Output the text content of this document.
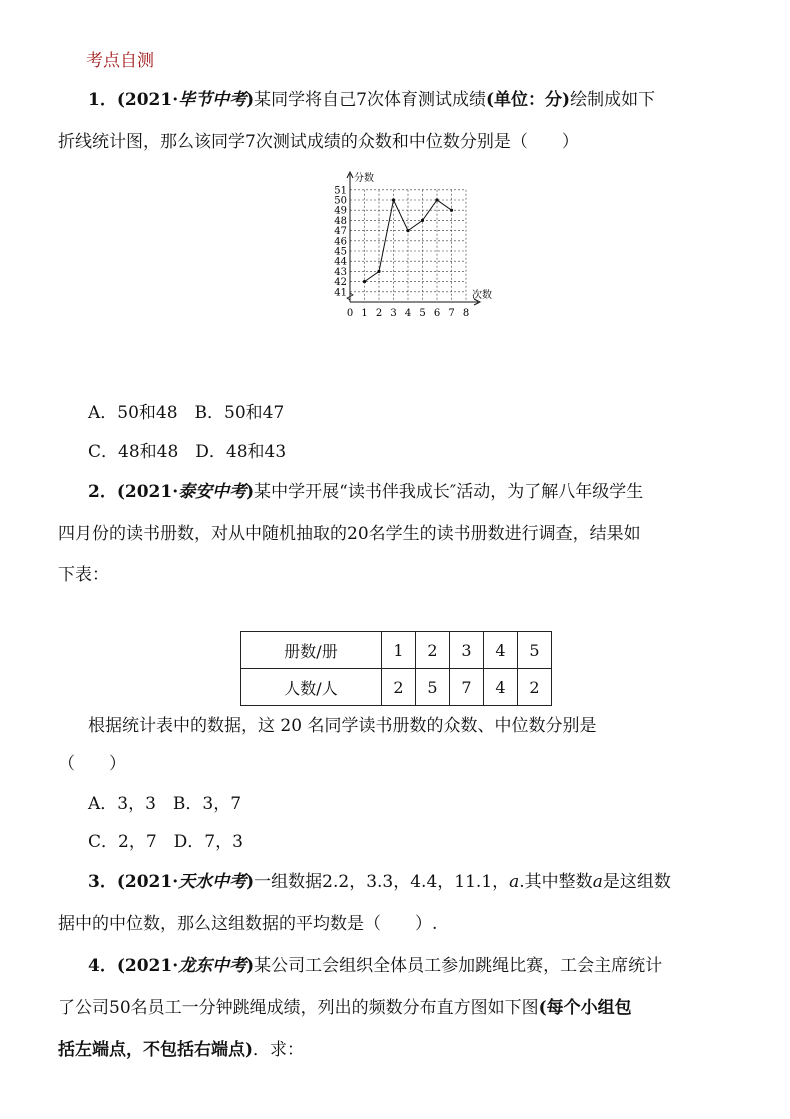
考点自测
1．(2021·毕节中考)某同学将自己7次体育测试成绩(单位：分)绘制成如下
折线统计图，那么该同学7次测试成绩的众数和中位数分别是（　　）
41
42
43
44
45
46
47
48
49
50
51
0 1 2 3 4 5 6 7 8
分数
次数
A．50和48　B．50和47
C．48和48　D．48和43
2．(2021·泰安中考)某中学开展“读书伴我成长″活动，为了解八年级学生
四月份的读书册数，对从中随机抽取的20名学生的读书册数进行调查，结果如
下表：
册数/册	1	2	3	4	5
人数/人	2	5	7	4	2
根据统计表中的数据，这 20 名同学读书册数的众数、中位数分别是
（　　）
A．3，3　B．3，7
C．2，7　D．7，3
3．(2021·天水中考)一组数据2.2，3.3，4.4，11.1，a.其中整数a是这组数
据中的中位数，那么这组数据的平均数是（　　）.
4．(2021·龙东中考)某公司工会组织全体员工参加跳绳比赛，工会主席统计
了公司50名员工一分钟跳绳成绩，列出的频数分布直方图如下图(每个小组包
括左端点，不包括右端点)．求：
